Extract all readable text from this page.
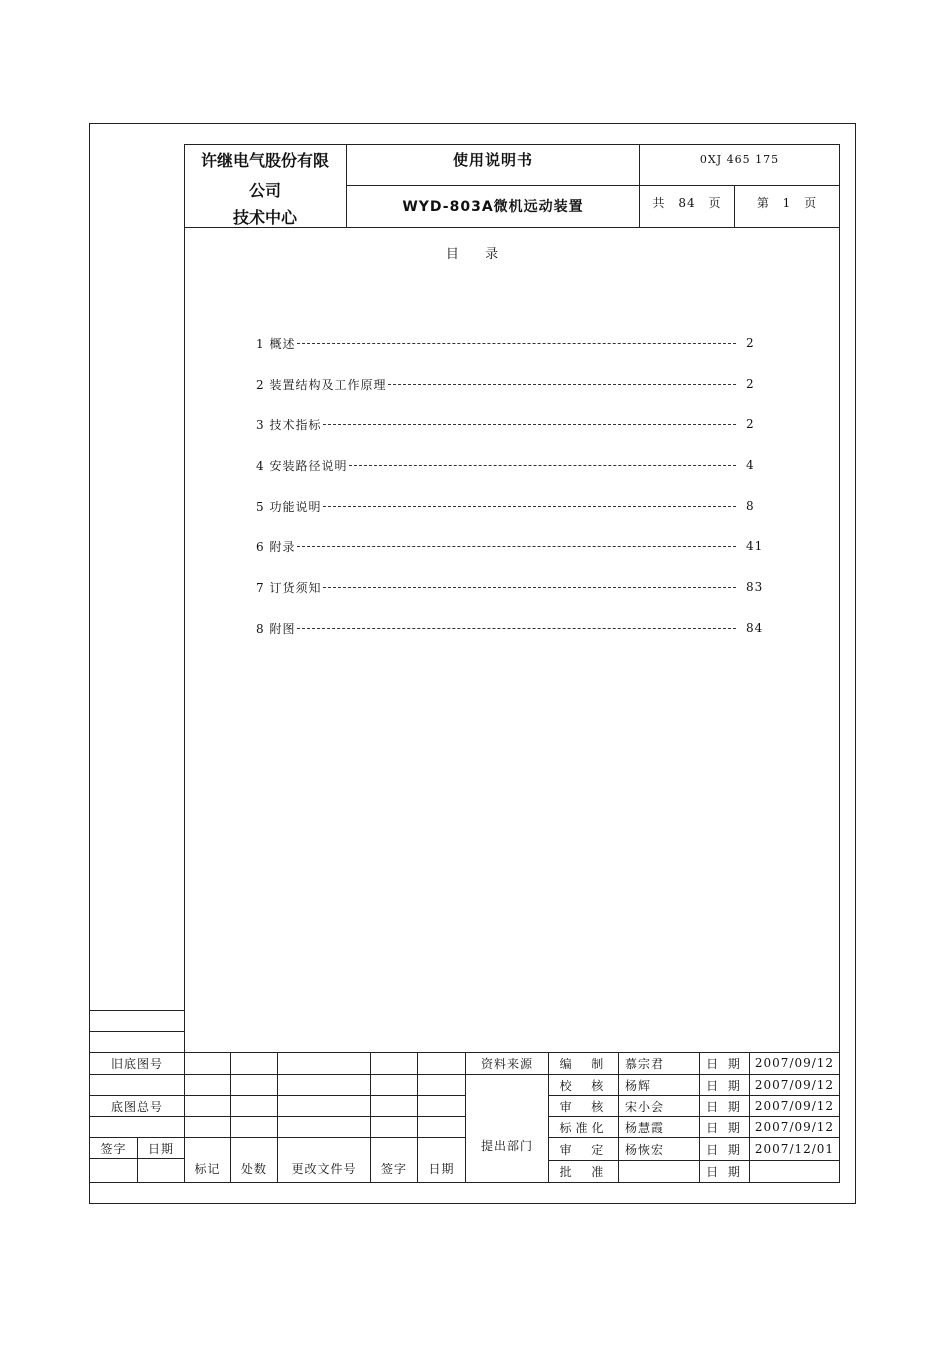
许继电气股份有限
公司
技术中心
使用说明书	0XJ 465 175
WYD-803A微机远动装置	共 84 页	第 1 页
目  录
1 概述	2
2 装置结构及工作原理	2
3 技术指标	2
4 安装路径说明	4
5 功能说明	8
6 附录	41
7 订货须知	83
8 附图	84
旧底图号
底图总号
签字	日期
标记	处数	更改文件号	签字	日期
资料来源
提出部门
编  制	慕宗君	日 期	2007/09/12
校  核	杨辉	日 期	2007/09/12
审  核	宋小会	日 期	2007/09/12
标准化	杨慧霞	日 期	2007/09/12
审  定	杨恢宏	日 期	2007/12/01
批  准	日 期
